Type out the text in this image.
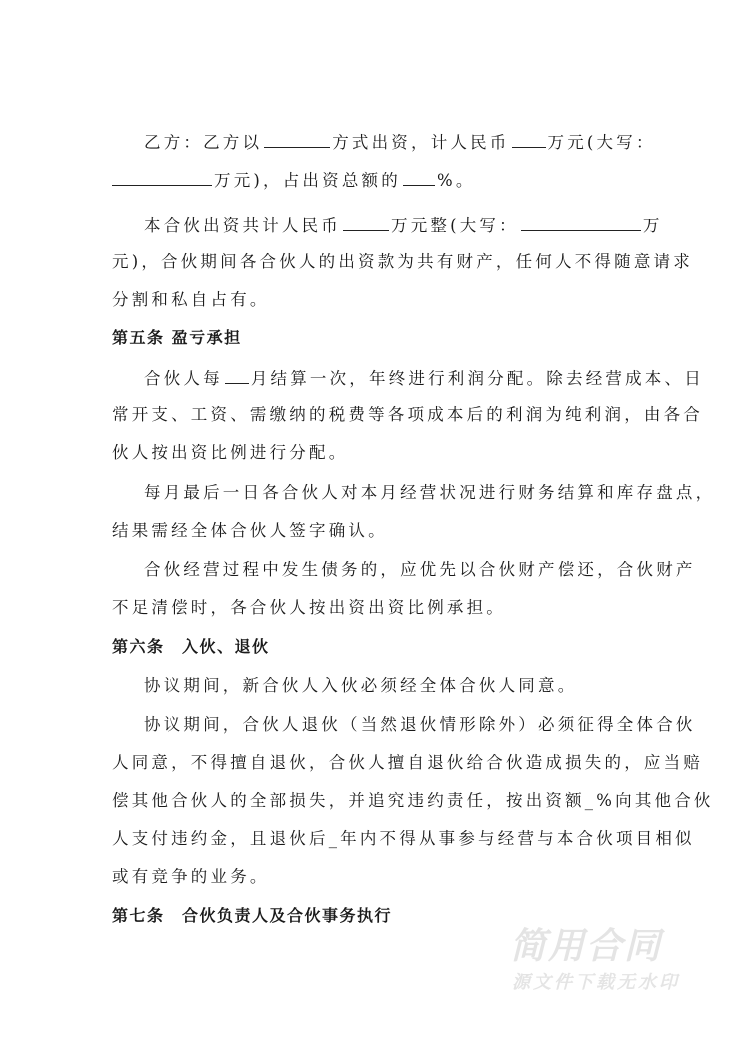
乙方：乙方以	方式出资，计人民币 万元(大写：
万元)，占出资总额的 %。
本合伙出资共计人民币	万元整(大写：	万
元)，合伙期间各合伙人的出资款为共有财产，任何人不得随意请求
分割和私自占有。
第五条 盈亏承担
合伙人每 月结算一次，年终进行利润分配。除去经营成本、日
常开支、工资、需缴纳的税费等各项成本后的利润为纯利润，由各合
伙人按出资比例进行分配。
每月最后一日各合伙人对本月经营状况进行财务结算和库存盘点，
结果需经全体合伙人签字确认。
合伙经营过程中发生债务的，应优先以合伙财产偿还，合伙财产
不足清偿时，各合伙人按出资出资比例承担。
第六条　入伙、退伙
协议期间，新合伙人入伙必须经全体合伙人同意。
协议期间，合伙人退伙（当然退伙情形除外）必须征得全体合伙
人同意，不得擅自退伙，合伙人擅自退伙给合伙造成损失的，应当赔
偿其他合伙人的全部损失，并追究违约责任，按出资额_%向其他合伙
人支付违约金，且退伙后_年内不得从事参与经营与本合伙项目相似
或有竞争的业务。
第七条　合伙负责人及合伙事务执行
简用合同
源文件下载无水印
